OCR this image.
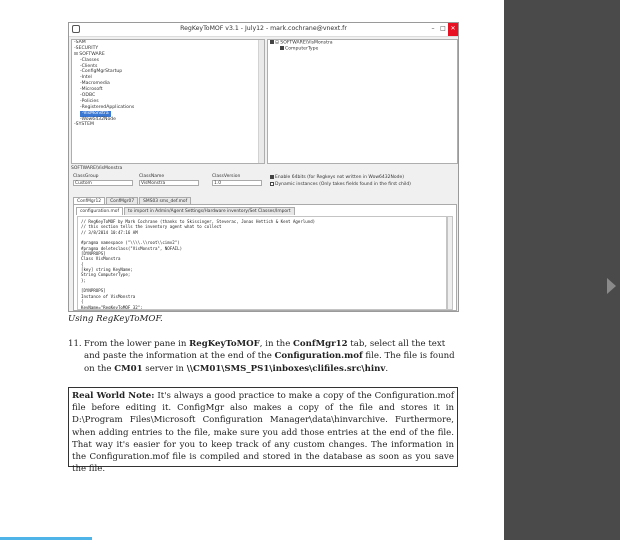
RegKeyToMOF v3.1 - July12 - mark.cochrane@vnext.fr	– □ ✕
-SAM
-SECURITY
⊟ SOFTWARE
-Classes
-Clients
-ConfigMgrStartup
-Intel
-Macromedia
-Microsoft
-ODBC
-Policies
-RegisteredApplications
-VisMonstra
-Wow6432Node
-SYSTEM
⊟ SOFTWARE\VisMonstra
ComputerType
SOFTWARE\VisMonstra
ClassGroup
Custom
ClassName
VisMonstra
ClassVersion
1.0
Enable 64bits (for Regkeys not written in Wow6432Node)
Dynamic instances (Only takes fields found in the first child)
ConfMgr12	ConfMgr07	SMS03 sms_def.mof
configuration.mof	to import in Admin/Agent Settings/Hardware inventory/Set Classes/Import
// RegKeyToMOF by Mark Cochrane (thanks to Skissinger, Steverac, Jonas Hettich & Kent Agerlund)
// this section tells the inventory agent what to collect
// 3/8/2014 10:47:16 AM

#pragma namespace ("\\\\.\\root\\cimv2")
#pragma deleteclass("VisMonstra", NOFAIL)
[DYNPROPS]
Class VisMonstra
{
[key] string KeyName;
String ComputerType;
};

[DYNPROPS]
Instance of VisMonstra
{
KeyName="RegKeyToMOF_32";
Using RegKeyToMOF.
11. From the lower pane in RegKeyToMOF, in the ConfMgr12 tab, select all the text and paste the information at the end of the Configuration.mof file. The file is found on the CM01 server in \\CM01\SMS_PS1\inboxes\clifiles.src\hinv.
Real World Note: It's always a good practice to make a copy of the Configuration.mof file before editing it. ConfigMgr also makes a copy of the file and stores it in D:\Program Files\Microsoft Configuration Manager\data\hinvarchive. Furthermore, when adding entries to the file, make sure you add those entries at the end of the file. That way it's easier for you to keep track of any custom changes. The information in the Configuration.mof file is compiled and stored in the database as soon as you save the file.
